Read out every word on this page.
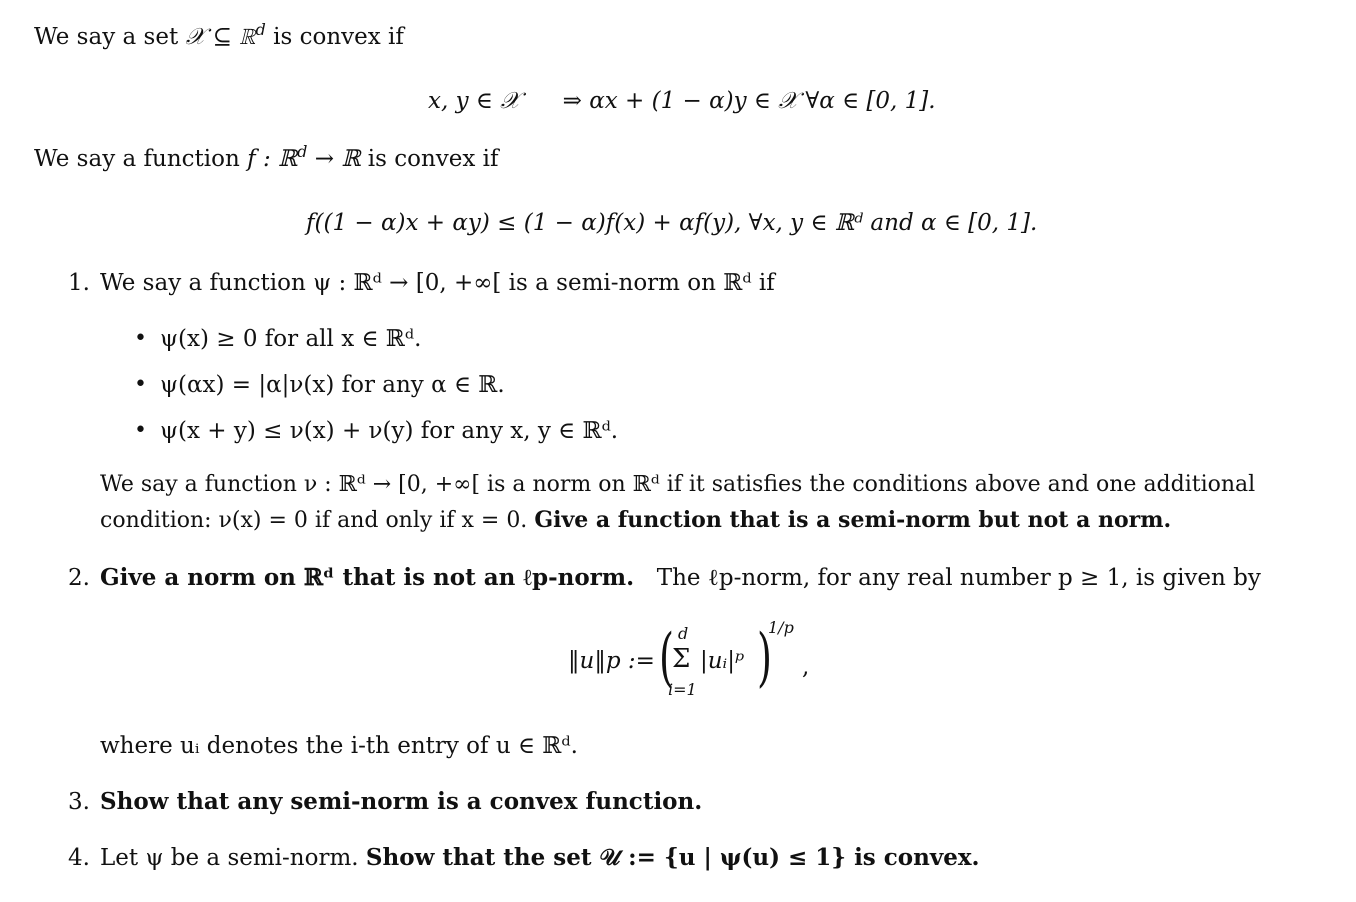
We say a set 𝒳 ⊆ ℝ$^d$ is convex if
x, y ∈ 𝒳 ⇒ αx + (1 − α)y ∈ 𝒳 ∀α ∈ [0, 1].
We say a function f : ℝ$^d$ → ℝ is convex if
f((1 − α)x + αy) ≤ (1 − α)f(x) + αf(y), ∀x, y ∈ ℝᵈ and α ∈ [0, 1].
1. We say a function ψ : ℝᵈ → [0, +∞[ is a semi-norm on ℝᵈ if
• ψ(x) ≥ 0 for all x ∈ ℝᵈ.
• ψ(αx) = |α|ν(x) for any α ∈ ℝ.
• ψ(x + y) ≤ ν(x) + ν(y) for any x, y ∈ ℝᵈ.
We say a function ν : ℝᵈ → [0, +∞[ is a norm on ℝᵈ if it satisfies the conditions above and one additional
condition: ν(x) = 0 if and only if x = 0. Give a function that is a semi-norm but not a norm.
2. Give a norm on ℝᵈ that is not an ℓp-norm. The ℓp-norm, for any real number p ≥ 1, is given by
‖u‖p := ( d
Σ
i=1
|uᵢ|ᵖ )
1/p
,
where uᵢ denotes the i-th entry of u ∈ ℝᵈ.
3. Show that any semi-norm is a convex function.
4. Let ψ be a semi-norm. Show that the set 𝒰 := {u | ψ(u) ≤ 1} is convex.
